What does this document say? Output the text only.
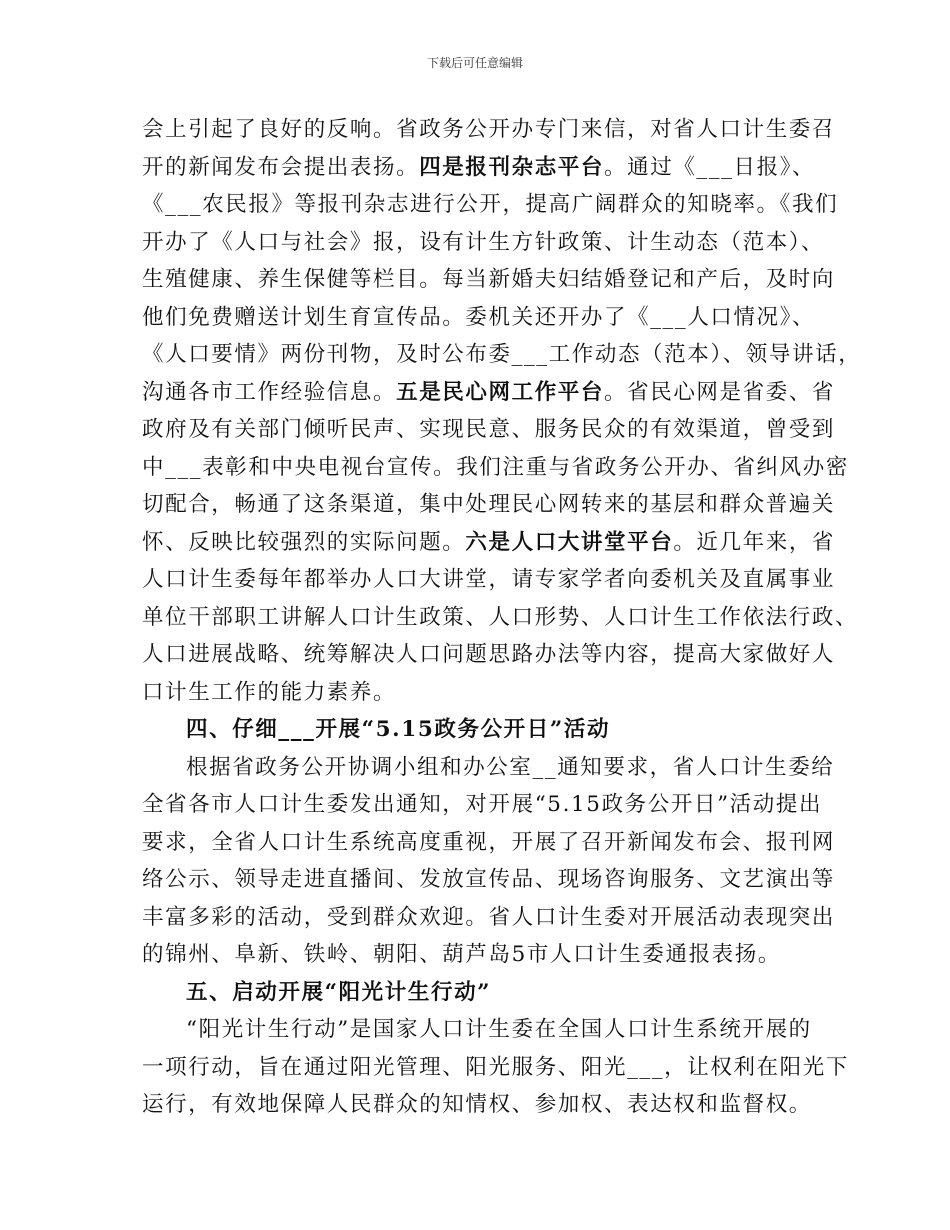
下载后可任意编辑
会上引起了良好的反响。省政务公开办专门来信，对省人口计生委召
开的新闻发布会提出表扬。四是报刊杂志平台。通过《___日报》、
《___农民报》等报刊杂志进行公开，提高广阔群众的知晓率。《我们
开办了《人口与社会》报，设有计生方针政策、计生动态（范本）、
生殖健康、养生保健等栏目。每当新婚夫妇结婚登记和产后，及时向
他们免费赠送计划生育宣传品。委机关还开办了《___人口情况》、
《人口要情》两份刊物，及时公布委___工作动态（范本）、领导讲话，
沟通各市工作经验信息。五是民心网工作平台。省民心网是省委、省
政府及有关部门倾听民声、实现民意、服务民众的有效渠道，曾受到
中___表彰和中央电视台宣传。我们注重与省政务公开办、省纠风办密
切配合，畅通了这条渠道，集中处理民心网转来的基层和群众普遍关
怀、反映比较强烈的实际问题。六是人口大讲堂平台。近几年来，省
人口计生委每年都举办人口大讲堂，请专家学者向委机关及直属事业
单位干部职工讲解人口计生政策、人口形势、人口计生工作依法行政、
人口进展战略、统筹解决人口问题思路办法等内容，提高大家做好人
口计生工作的能力素养。
四、仔细___开展“5.15政务公开日”活动
根据省政务公开协调小组和办公室__通知要求，省人口计生委给
全省各市人口计生委发出通知，对开展“5.15政务公开日”活动提出
要求，全省人口计生系统高度重视，开展了召开新闻发布会、报刊网
络公示、领导走进直播间、发放宣传品、现场咨询服务、文艺演出等
丰富多彩的活动，受到群众欢迎。省人口计生委对开展活动表现突出
的锦州、阜新、铁岭、朝阳、葫芦岛5市人口计生委通报表扬。
五、启动开展“阳光计生行动”
“阳光计生行动”是国家人口计生委在全国人口计生系统开展的
一项行动，旨在通过阳光管理、阳光服务、阳光___，让权利在阳光下
运行，有效地保障人民群众的知情权、参加权、表达权和监督权。
